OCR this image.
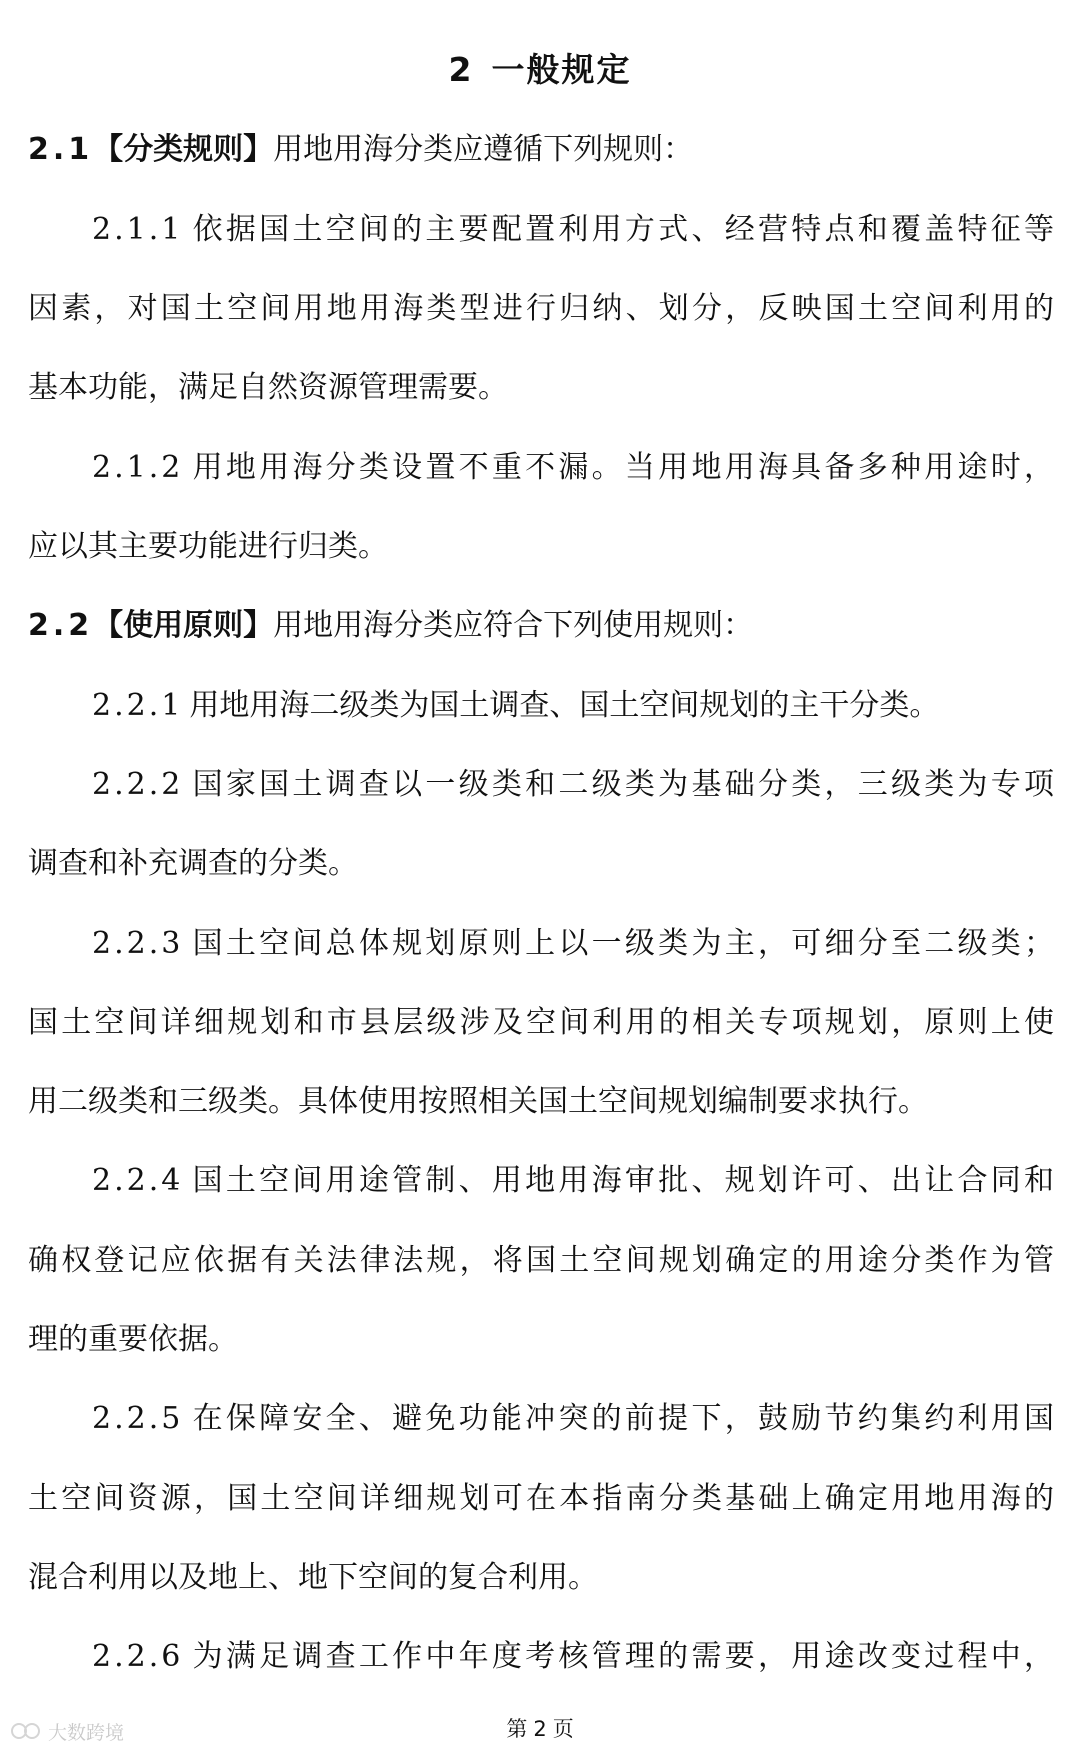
2 一般规定
2.1【分类规则】用地用海分类应遵循下列规则：
2.1.1 依据国土空间的主要配置利用方式、经营特点和覆盖特征等
因素，对国土空间用地用海类型进行归纳、划分，反映国土空间利用的
基本功能，满足自然资源管理需要。
2.1.2 用地用海分类设置不重不漏。当用地用海具备多种用途时，
应以其主要功能进行归类。
2.2【使用原则】用地用海分类应符合下列使用规则：
2.2.1 用地用海二级类为国土调查、国土空间规划的主干分类。
2.2.2 国家国土调查以一级类和二级类为基础分类，三级类为专项
调查和补充调查的分类。
2.2.3 国土空间总体规划原则上以一级类为主，可细分至二级类；
国土空间详细规划和市县层级涉及空间利用的相关专项规划，原则上使
用二级类和三级类。具体使用按照相关国土空间规划编制要求执行。
2.2.4 国土空间用途管制、用地用海审批、规划许可、出让合同和
确权登记应依据有关法律法规，将国土空间规划确定的用途分类作为管
理的重要依据。
2.2.5 在保障安全、避免功能冲突的前提下，鼓励节约集约利用国
土空间资源，国土空间详细规划可在本指南分类基础上确定用地用海的
混合利用以及地上、地下空间的复合利用。
2.2.6 为满足调查工作中年度考核管理的需要，用途改变过程中，
大数跨境	第 2 页
